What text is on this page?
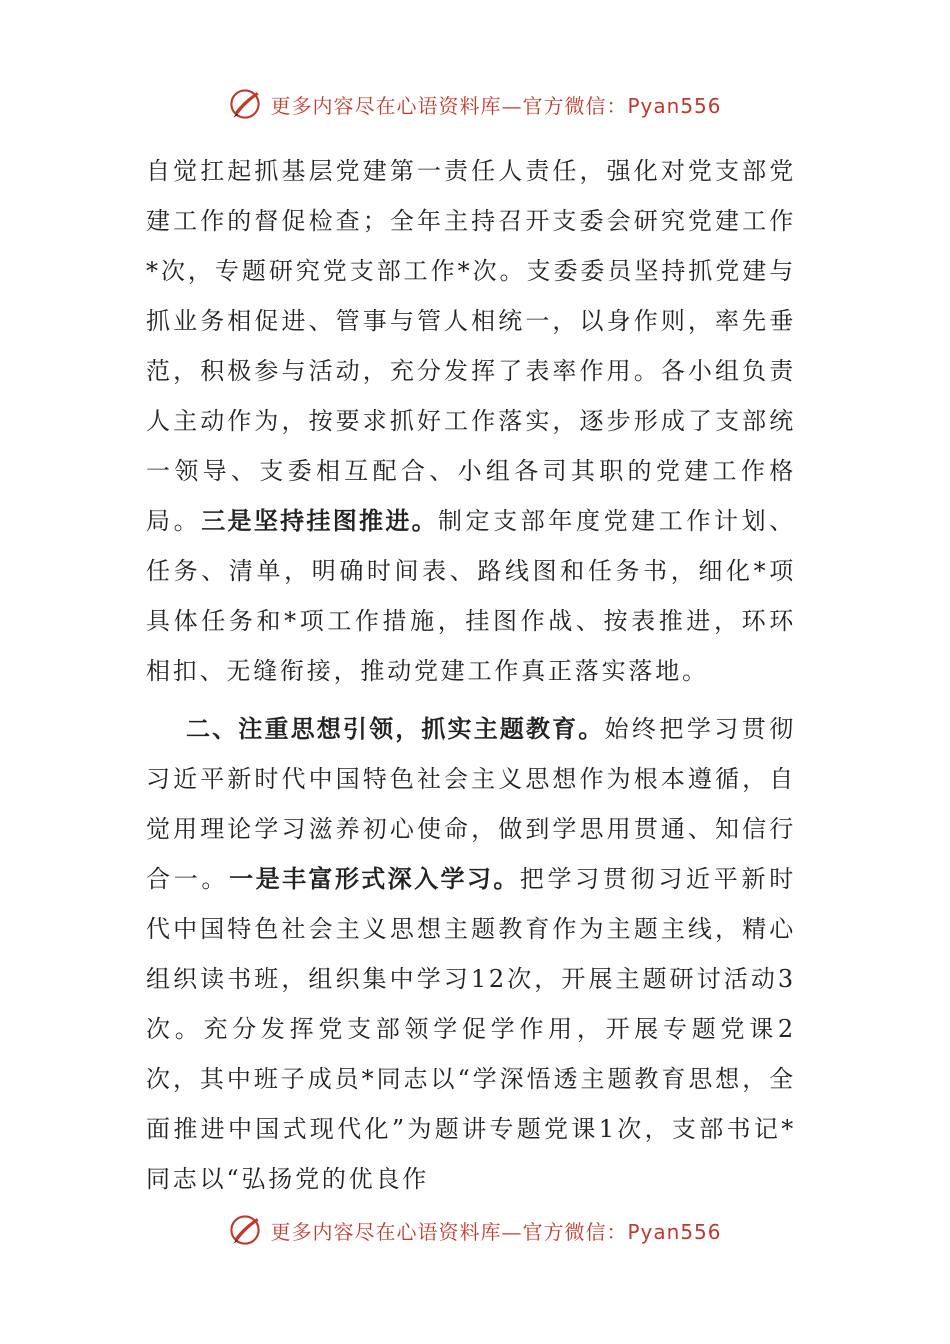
更多内容尽在心语资料库—官方微信：Pyan556

自觉扛起抓基层党建第一责任人责任，强化对党支部党建工作的督促检查；全年主持召开支委会研究党建工作*次，专题研究党支部工作*次。支委委员坚持抓党建与抓业务相促进、管事与管人相统一，以身作则，率先垂范，积极参与活动，充分发挥了表率作用。各小组负责人主动作为，按要求抓好工作落实，逐步形成了支部统一领导、支委相互配合、小组各司其职的党建工作格局。三是坚持挂图推进。制定支部年度党建工作计划、任务、清单，明确时间表、路线图和任务书，细化*项具体任务和*项工作措施，挂图作战、按表推进，环环相扣、无缝衔接，推动党建工作真正落实落地。

二、注重思想引领，抓实主题教育。始终把学习贯彻习近平新时代中国特色社会主义思想作为根本遵循，自觉用理论学习滋养初心使命，做到学思用贯通、知信行合一。一是丰富形式深入学习。把学习贯彻习近平新时代中国特色社会主义思想主题教育作为主题主线，精心组织读书班，组织集中学习12次，开展主题研讨活动3次。充分发挥党支部领学促学作用，开展专题党课2次，其中班子成员*同志以“学深悟透主题教育思想，全面推进中国式现代化”为题讲专题党课1次，支部书记*同志以“弘扬党的优良作

更多内容尽在心语资料库—官方微信：Pyan556
